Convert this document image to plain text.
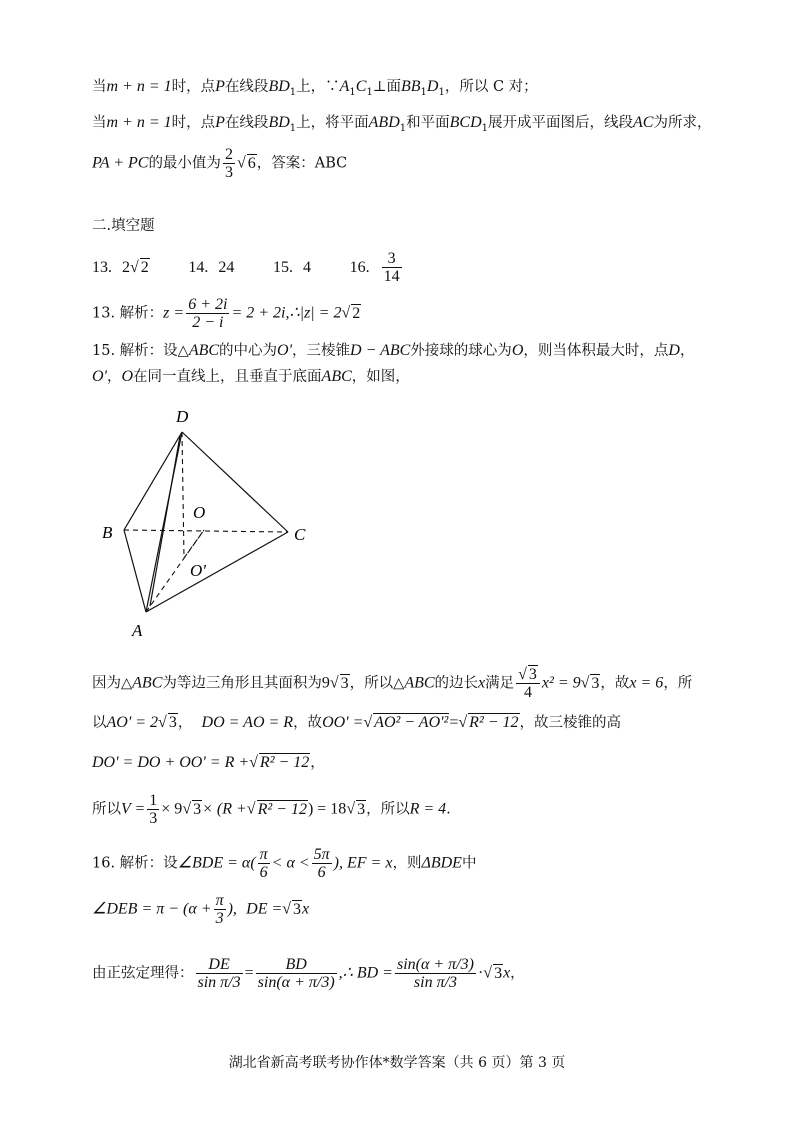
当m + n = 1时，点P在线段$BD_1$上，$\because A_1C_1\perp$面$BB_1D_1$，所以 C 对；
当m + n = 1时，点P在线段$BD_1$上，将平面$ABD_1$和平面$BCD_1$展开成平面图后，线段AC为所求，
PA + PC的最小值为 $\frac{2}{3}$ √ 6，答案：ABC
二.填空题
13. 2√ 2 14. 24 15. 4 16. $\frac{3}{14}$
13. 解析：$z = \frac{6 + 2i}{2 - i} = 2$ + 2i,∴|z| = 2√ 2
15. 解析：设△ABC的中心为O'，三棱锥D − ABC外接球的球心为O，则当体积最大时，点D，
O'，O在同一直线上，且垂直于底面ABC，如图，
D
B	C
A
O
O'
因为△ABC为等边三角形且其面积为9√ 3，所以△ABC的边长x满足 $\frac{√ 3}{4} x^2 = 9√$ 3，故x = 6，所
以AO' = 2√ 3， DO = AO = R，故OO' =√ AO² − AO'²=√ R² − 12，故三棱锥的高
DO' = DO + OO' = R +√ R² − 12，
所以$V = \frac{1}{3} \times 9√$ 3× (R +√ R² − 12) = 18√ 3，所以R = 4.
16. 解析：设∠BDE = $\alpha( \frac{\pi}{6} < \alpha < \frac{5\pi}{6}$ ), EF = x，则ΔBDE中
∠DEB = $\pi - (\alpha + \frac{\pi}{3}$ ), DE =√ 3x
由正弦定理得： $\frac{DE}{\text{sin π/3}} = \frac{BD}{\sin(\alpha + \pi/3)}$ ,∴ BD = $\frac{\sin(\alpha + \pi/3)}{\text{sin π/3}}$ ·√ 3x，
湖北省新高考联考协作体*数学答案（共 6 页）第 3 页
